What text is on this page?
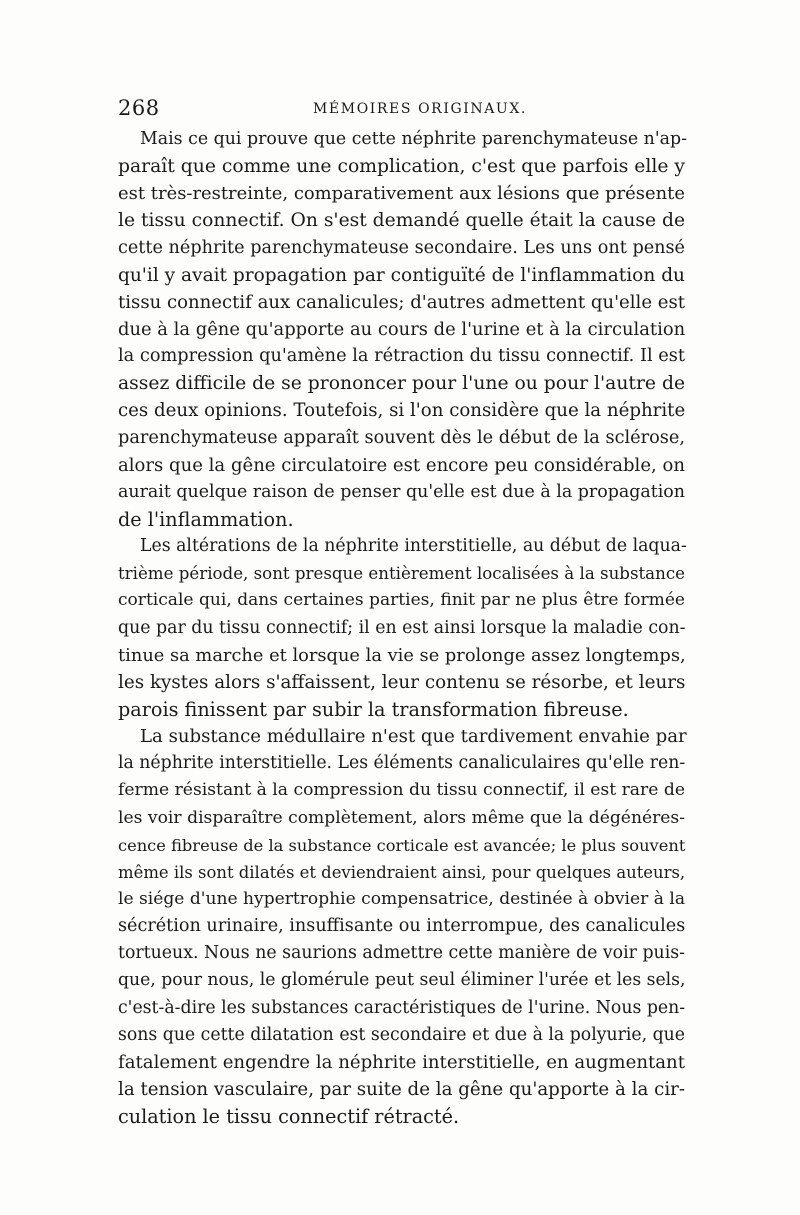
268	MÉMOIRES ORIGINAUX.
Mais ce qui prouve que cette néphrite parenchymateuse n'ap-
paraît que comme une complication, c'est que parfois elle y
est très-restreinte, comparativement aux lésions que présente
le tissu connectif. On s'est demandé quelle était la cause de
cette néphrite parenchymateuse secondaire. Les uns ont pensé
qu'il y avait propagation par contiguïté de l'inflammation du
tissu connectif aux canalicules; d'autres admettent qu'elle est
due à la gêne qu'apporte au cours de l'urine et à la circulation
la compression qu'amène la rétraction du tissu connectif. Il est
assez difficile de se prononcer pour l'une ou pour l'autre de
ces deux opinions. Toutefois, si l'on considère que la néphrite
parenchymateuse apparaît souvent dès le début de la sclérose,
alors que la gêne circulatoire est encore peu considérable, on
aurait quelque raison de penser qu'elle est due à la propagation
de l'inflammation.
Les altérations de la néphrite interstitielle, au début de laqua-
trième période, sont presque entièrement localisées à la substance
corticale qui, dans certaines parties, finit par ne plus être formée
que par du tissu connectif; il en est ainsi lorsque la maladie con-
tinue sa marche et lorsque la vie se prolonge assez longtemps,
les kystes alors s'affaissent, leur contenu se résorbe, et leurs
parois finissent par subir la transformation fibreuse.
La substance médullaire n'est que tardivement envahie par
la néphrite interstitielle. Les éléments canaliculaires qu'elle ren-
ferme résistant à la compression du tissu connectif, il est rare de
les voir disparaître complètement, alors même que la dégénéres-
cence fibreuse de la substance corticale est avancée; le plus souvent
même ils sont dilatés et deviendraient ainsi, pour quelques auteurs,
le siége d'une hypertrophie compensatrice, destinée à obvier à la
sécrétion urinaire, insuffisante ou interrompue, des canalicules
tortueux. Nous ne saurions admettre cette manière de voir puis-
que, pour nous, le glomérule peut seul éliminer l'urée et les sels,
c'est-à-dire les substances caractéristiques de l'urine. Nous pen-
sons que cette dilatation est secondaire et due à la polyurie, que
fatalement engendre la néphrite interstitielle, en augmentant
la tension vasculaire, par suite de la gêne qu'apporte à la cir-
culation le tissu connectif rétracté.
